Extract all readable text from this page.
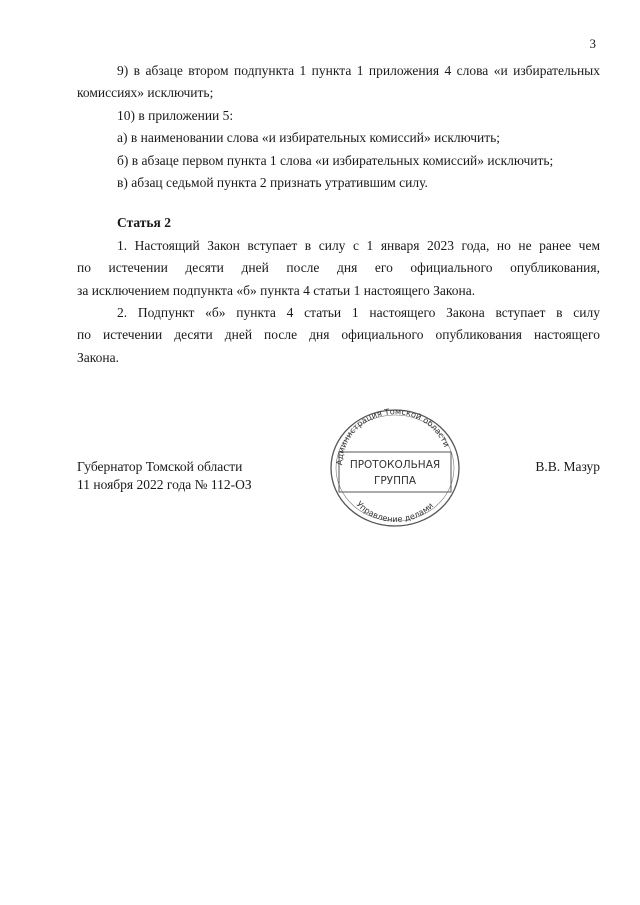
3

9) в абзаце втором подпункта 1 пункта 1 приложения 4 слова «и избирательных

комиссиях» исключить;

10) в приложении 5:

а) в наименовании слова «и избирательных комиссий» исключить;

б) в абзаце первом пункта 1 слова «и избирательных комиссий» исключить;

в) абзац седьмой пункта 2 признать утратившим силу.

Статья 2

1. Настоящий Закон вступает в силу с 1 января 2023 года, но не ранее чем

по истечении десяти дней после дня его официального опубликования,

за исключением подпункта «б» пункта 4 статьи 1 настоящего Закона.

2. Подпункт «б» пункта 4 статьи 1 настоящего Закона вступает в силу

по истечении десяти дней после дня официального опубликования настоящего

Закона.

Губернатор Томской области
11 ноября 2022 года № 112-ОЗ
В.В. Мазур
Администрация Томской области
ПРОТОКОЛЬНАЯ
ГРУППА
Управление делами
